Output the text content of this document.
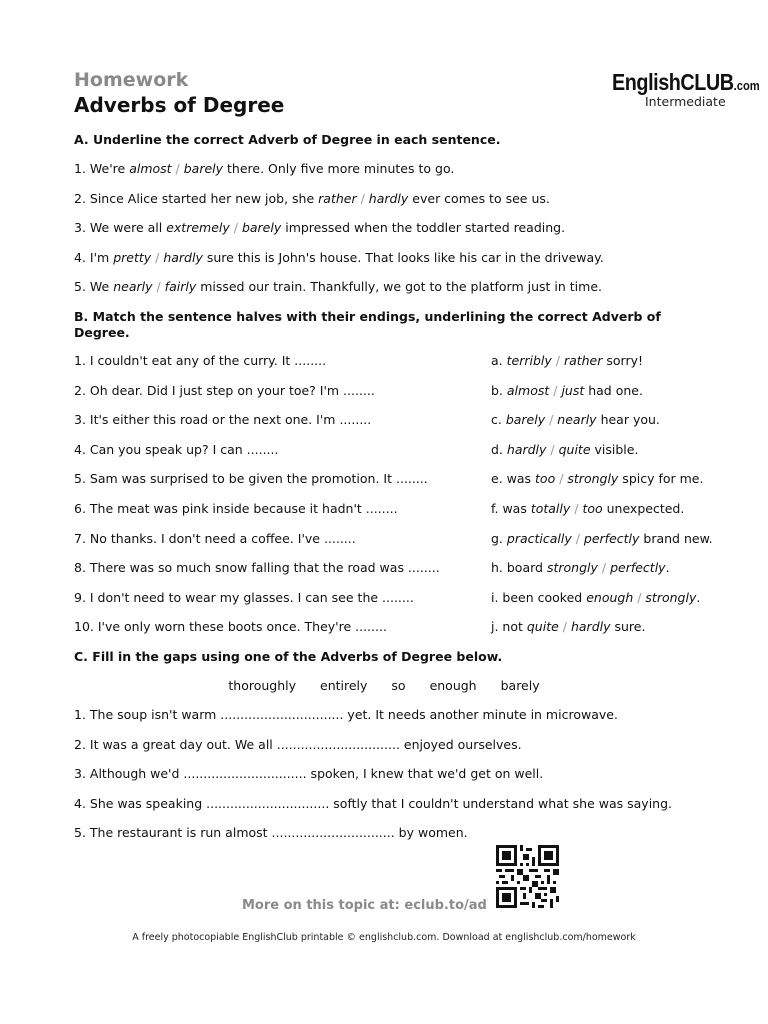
Homework
Adverbs of Degree
EnglishCLUB.com
Intermediate
A. Underline the correct Adverb of Degree in each sentence.
1. We're almost / barely there. Only five more minutes to go.
2. Since Alice started her new job, she rather / hardly ever comes to see us.
3. We were all extremely / barely impressed when the toddler started reading.
4. I'm pretty / hardly sure this is John's house. That looks like his car in the driveway.
5. We nearly / fairly missed our train. Thankfully, we got to the platform just in time.
B. Match the sentence halves with their endings, underlining the correct Adverb of Degree.
1. I couldn't eat any of the curry. It ........
2. Oh dear. Did I just step on your toe? I'm ........
3. It's either this road or the next one. I'm ........
4. Can you speak up? I can ........
5. Sam was surprised to be given the promotion. It ........
6. The meat was pink inside because it hadn't ........
7. No thanks. I don't need a coffee. I've ........
8. There was so much snow falling that the road was ........
9. I don't need to wear my glasses. I can see the ........
10. I've only worn these boots once. They're ........
a. terribly / rather sorry!
b. almost / just had one.
c. barely / nearly hear you.
d. hardly / quite visible.
e. was too / strongly spicy for me.
f. was totally / too unexpected.
g. practically / perfectly brand new.
h. board strongly / perfectly.
i. been cooked enough / strongly.
j. not quite / hardly sure.
C. Fill in the gaps using one of the Adverbs of Degree below.
thoroughly entirely so enough barely
1. The soup isn't warm ............................... yet. It needs another minute in microwave.
2. It was a great day out. We all ............................... enjoyed ourselves.
3. Although we'd ............................... spoken, I knew that we'd get on well.
4. She was speaking ............................... softly that I couldn't understand what she was saying.
5. The restaurant is run almost ............................... by women.
More on this topic at: eclub.to/ad
A freely photocopiable EnglishClub printable © englishclub.com. Download at englishclub.com/homework
